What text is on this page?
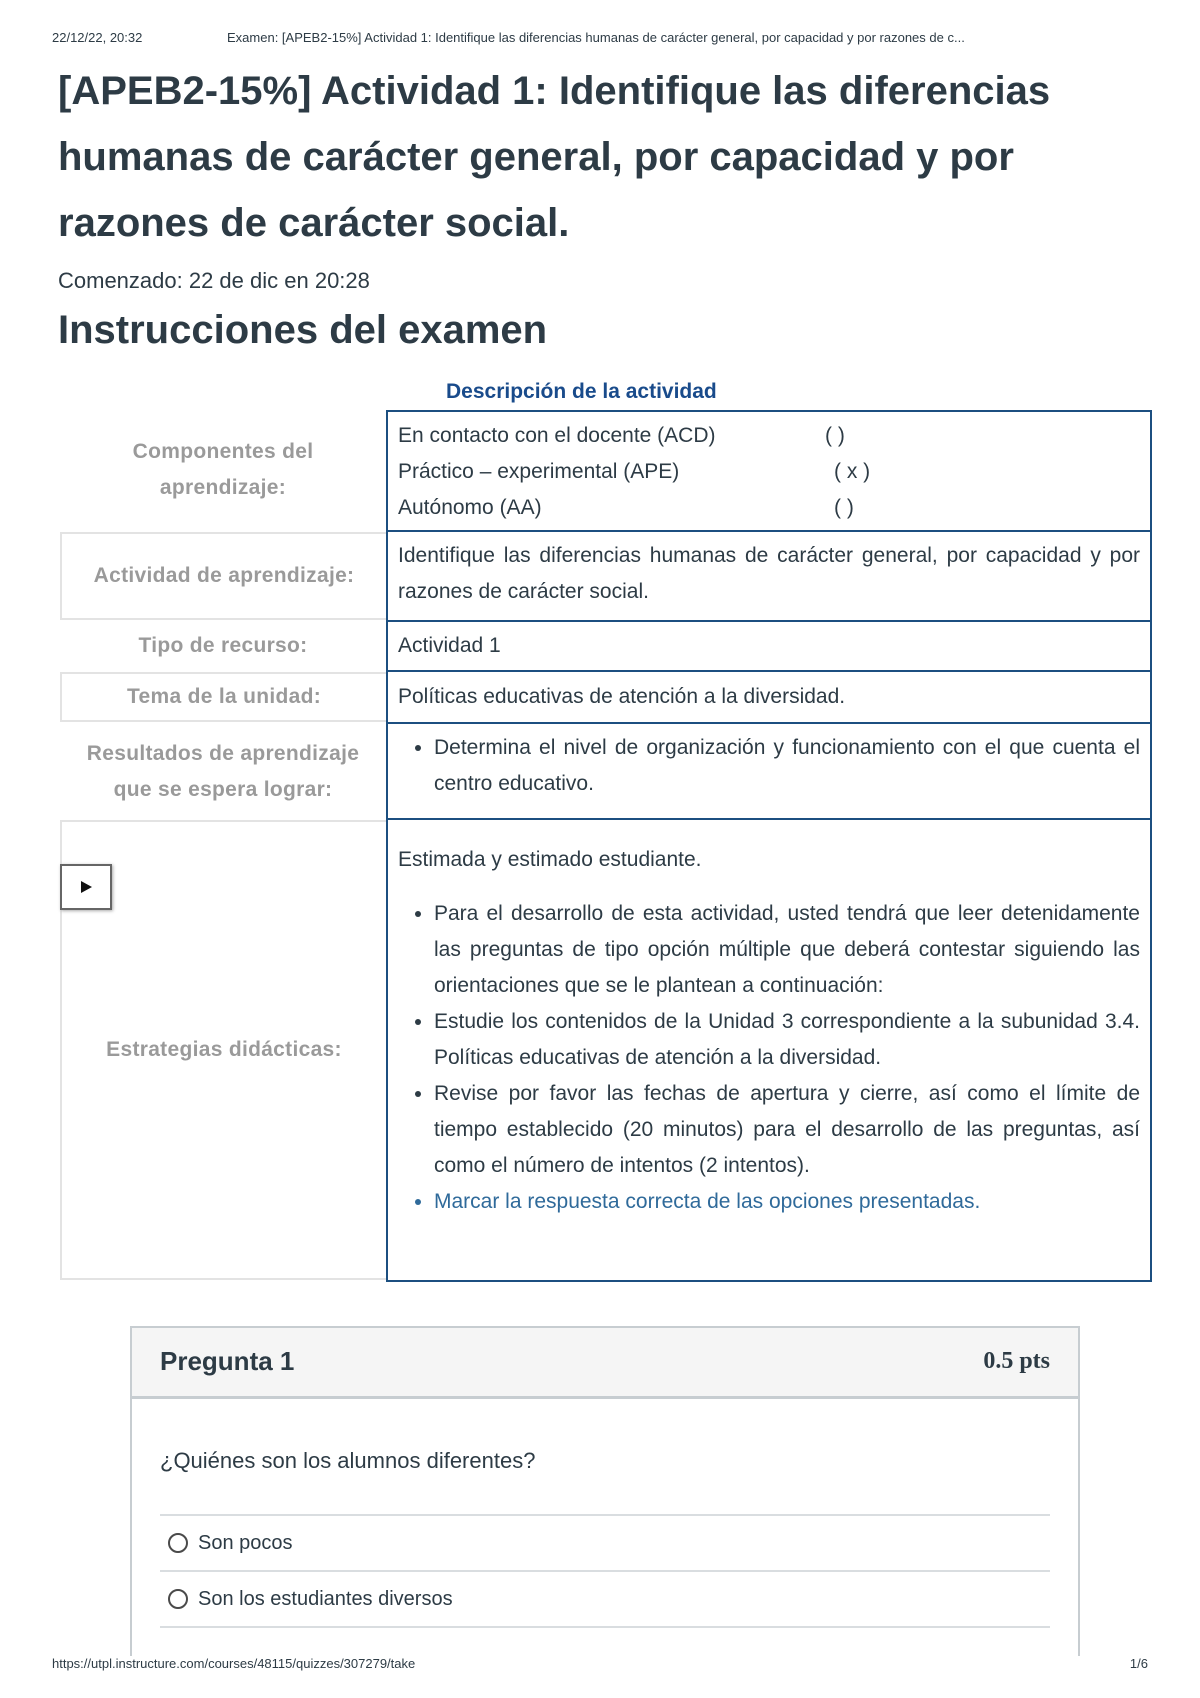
22/12/22, 20:32	Examen: [APEB2-15%] Actividad 1: Identifique las diferencias humanas de carácter general, por capacidad y por razones de c...
[APEB2-15%] Actividad 1: Identifique las diferencias humanas de carácter general, por capacidad y por razones de carácter social.
Comenzado: 22 de dic en 20:28
Instrucciones del examen
Descripción de la actividad
Componentes del aprendizaje:
En contacto con el docente (ACD)	( )
Práctico – experimental (APE)	( x )
Autónomo (AA)	( )
Actividad de aprendizaje:
Identifique las diferencias humanas de carácter general, por capacidad y por razones de carácter social.
Tipo de recurso:	Actividad 1
Tema de la unidad:	Políticas educativas de atención a la diversidad.
Resultados de aprendizaje que se espera lograr:
• Determina el nivel de organización y funcionamiento con el que cuenta el centro educativo.
Estrategias didácticas:
Estimada y estimado estudiante.
• Para el desarrollo de esta actividad, usted tendrá que leer detenidamente las preguntas de tipo opción múltiple que deberá contestar siguiendo las orientaciones que se le plantean a continuación:
• Estudie los contenidos de la Unidad 3 correspondiente a la subunidad 3.4. Políticas educativas de atención a la diversidad.
• Revise por favor las fechas de apertura y cierre, así como el límite de tiempo establecido (20 minutos) para el desarrollo de las preguntas, así como el número de intentos (2 intentos).
• Marcar la respuesta correcta de las opciones presentadas.
Pregunta 1	0.5 pts
¿Quiénes son los alumnos diferentes?
Son pocos
Son los estudiantes diversos
https://utpl.instructure.com/courses/48115/quizzes/307279/take	1/6
